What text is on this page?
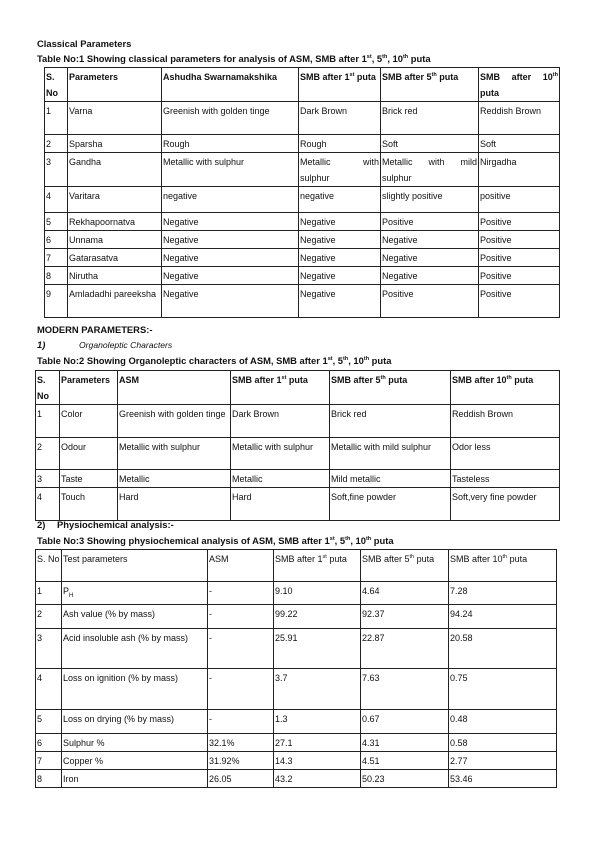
Classical Parameters
Table No:1 Showing classical parameters for analysis of ASM, SMB after 1st, 5th, 10th puta
S. No	Parameters	Ashudha Swarnamakshika	SMB after 1st puta	SMB after 5th puta	SMB after 10th puta
1	Varna	Greenish with golden tinge	Dark Brown	Brick red	Reddish Brown
2	Sparsha	Rough	Rough	Soft	Soft
3	Gandha	Metallic with sulphur	Metallic with sulphur	Metallic with mild sulphur	Nirgadha
4	Varitara	negative	negative	slightly positive	positive
5	Rekhapoornatva	Negative	Negative	Positive	Positive
6	Unnama	Negative	Negative	Negative	Positive
7	Gatarasatva	Negative	Negative	Negative	Positive
8	Nirutha	Negative	Negative	Negative	Positive
9	Amladadhi pareeksha	Negative	Negative	Positive	Positive
MODERN PARAMETERS:-
1)	Organoleptic Characters
Table No:2 Showing Organoleptic characters of ASM, SMB after 1st, 5th, 10th puta
S. No	Parameters	ASM	SMB after 1st puta	SMB after 5th puta	SMB after 10th puta
1	Color	Greenish with golden tinge	Dark Brown	Brick red	Reddish Brown
2	Odour	Metallic with sulphur	Metallic with sulphur	Metallic with mild sulphur	Odor less
3	Taste	Metallic	Metallic	Mild metallic	Tasteless
4	Touch	Hard	Hard	Soft,fine powder	Soft,very fine powder
2) Physiochemical analysis:-
Table No:3 Showing physiochemical analysis of ASM, SMB after 1st, 5th, 10th puta
S. No	Test parameters	ASM	SMB after 1st puta	SMB after 5th puta	SMB after 10th puta
1	$P_H$	-	9.10	4.64	7.28
2	Ash value (% by mass)	-	99.22	92.37	94.24
3	Acid insoluble ash (% by mass)	-	25.91	22.87	20.58
4	Loss on ignition (% by mass)	-	3.7	7.63	0.75
5	Loss on drying (% by mass)	-	1.3	0.67	0.48
6	Sulphur %	32.1%	27.1	4.31	0.58
7	Copper %	31.92%	14.3	4.51	2.77
8	Iron	26.05	43.2	50.23	53.46
